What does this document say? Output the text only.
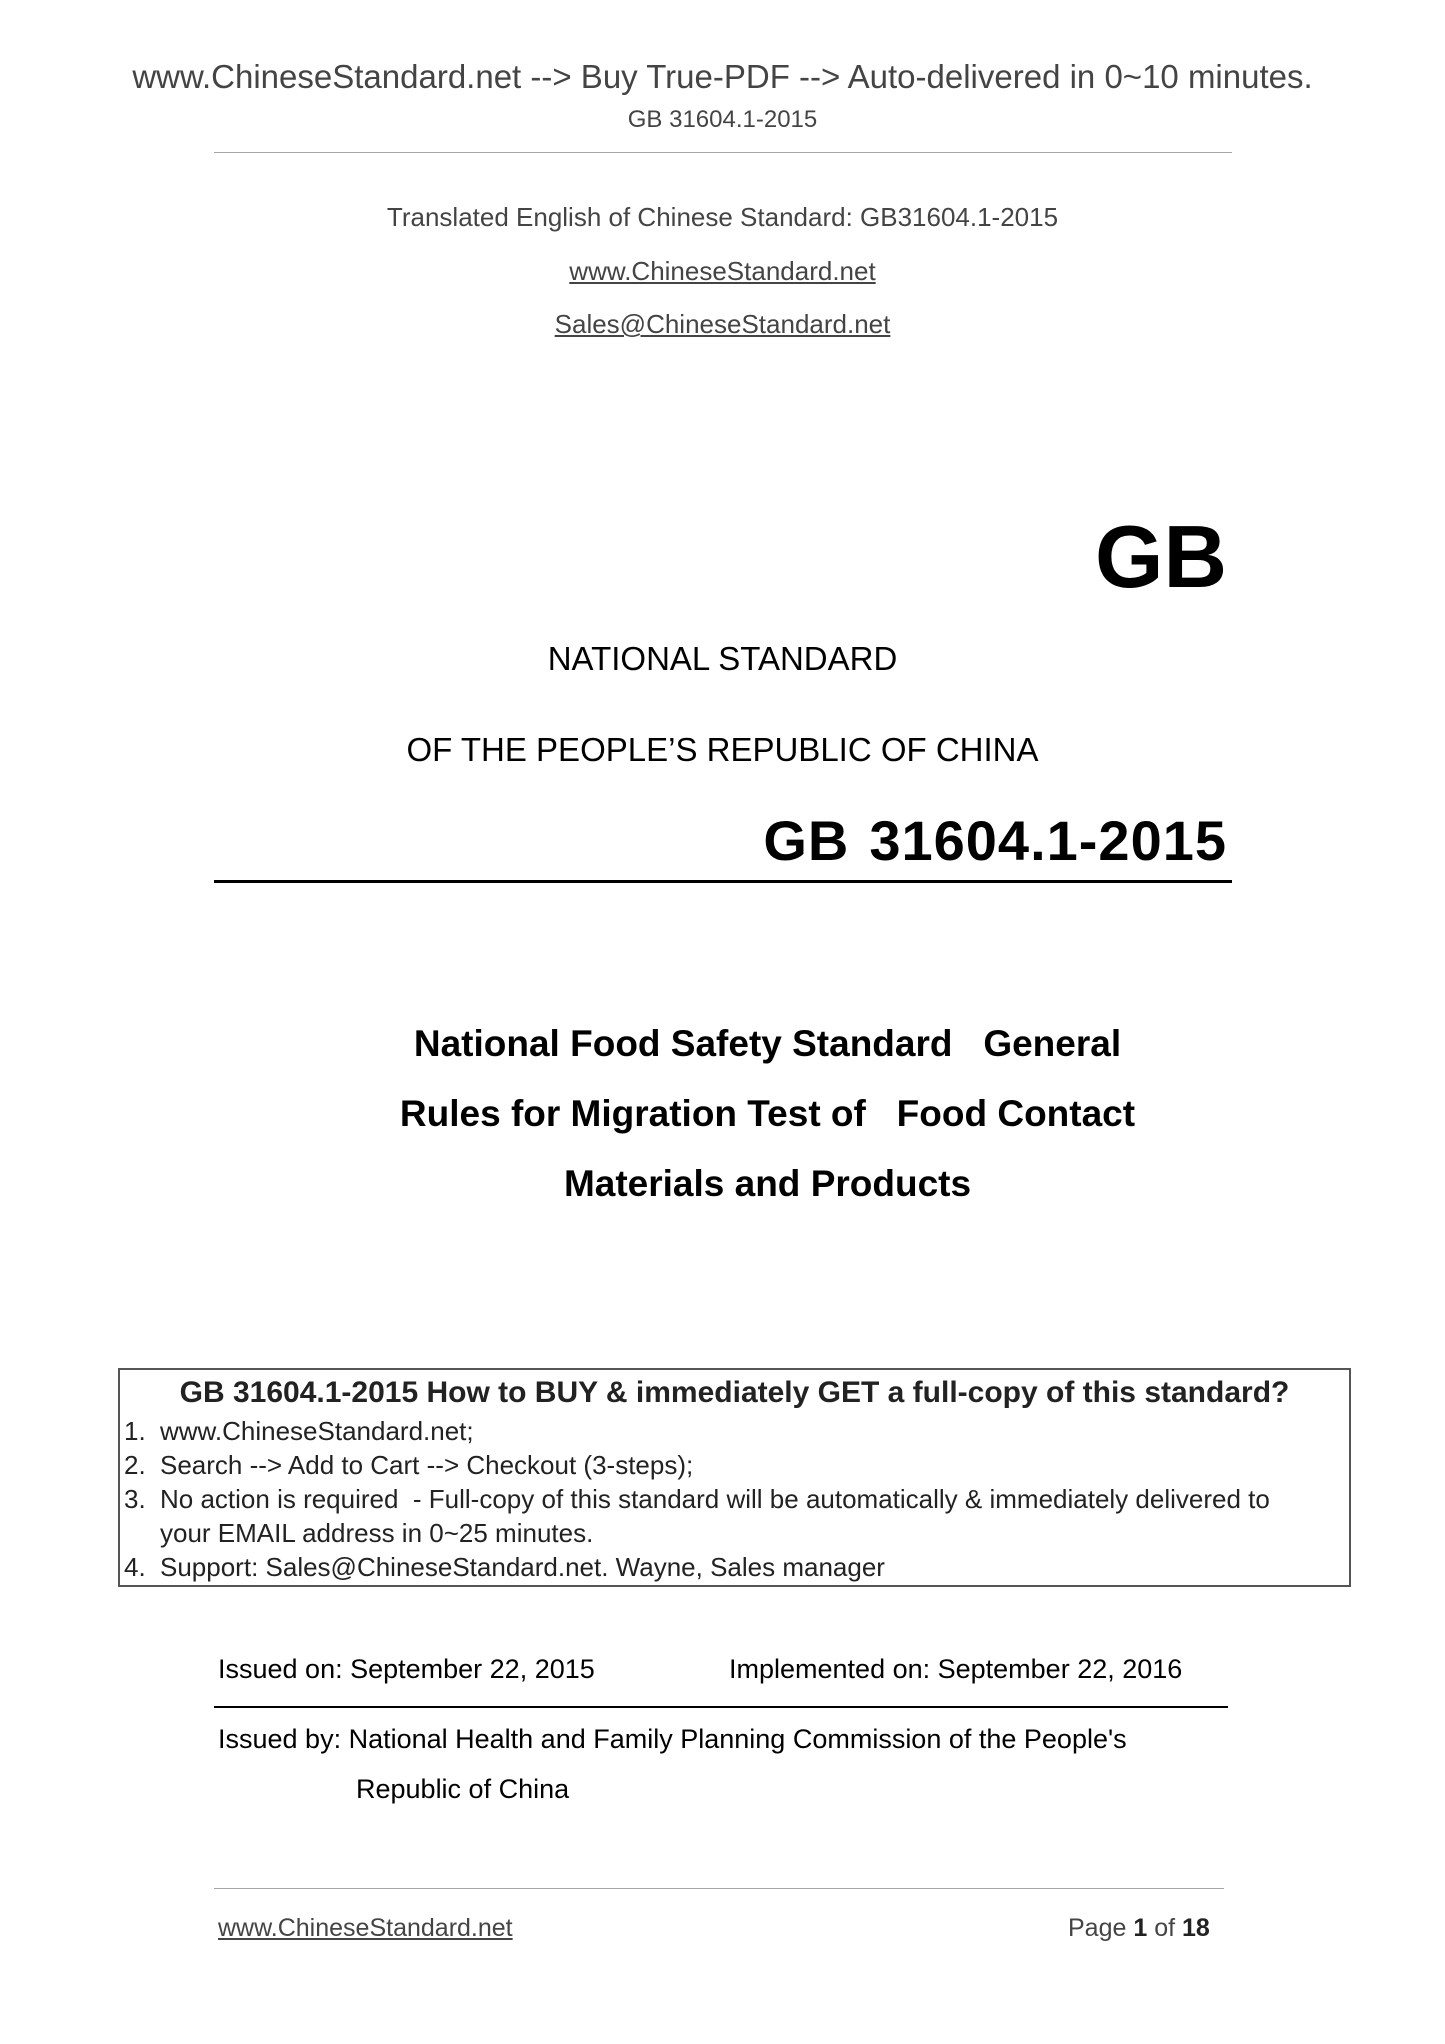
www.ChineseStandard.net --> Buy True-PDF --> Auto-delivered in 0~10 minutes.
GB 31604.1-2015
Translated English of Chinese Standard: GB31604.1-2015
www.ChineseStandard.net
Sales@ChineseStandard.net
GB
NATIONAL STANDARD
OF THE PEOPLE’S REPUBLIC OF CHINA
GB 31604.1-2015
National Food Safety Standard   General
Rules for Migration Test of   Food Contact
Materials and Products
GB 31604.1-2015 How to BUY & immediately GET a full-copy of this standard?
1. www.ChineseStandard.net;
2. Search --> Add to Cart --> Checkout (3-steps);
3. No action is required  - Full-copy of this standard will be automatically & immediately delivered to
your EMAIL address in 0~25 minutes.
4. Support: Sales@ChineseStandard.net. Wayne, Sales manager
Issued on: September 22, 2015	Implemented on: September 22, 2016
Issued by: National Health and Family Planning Commission of the People's
Republic of China
www.ChineseStandard.net	Page 1 of 18
